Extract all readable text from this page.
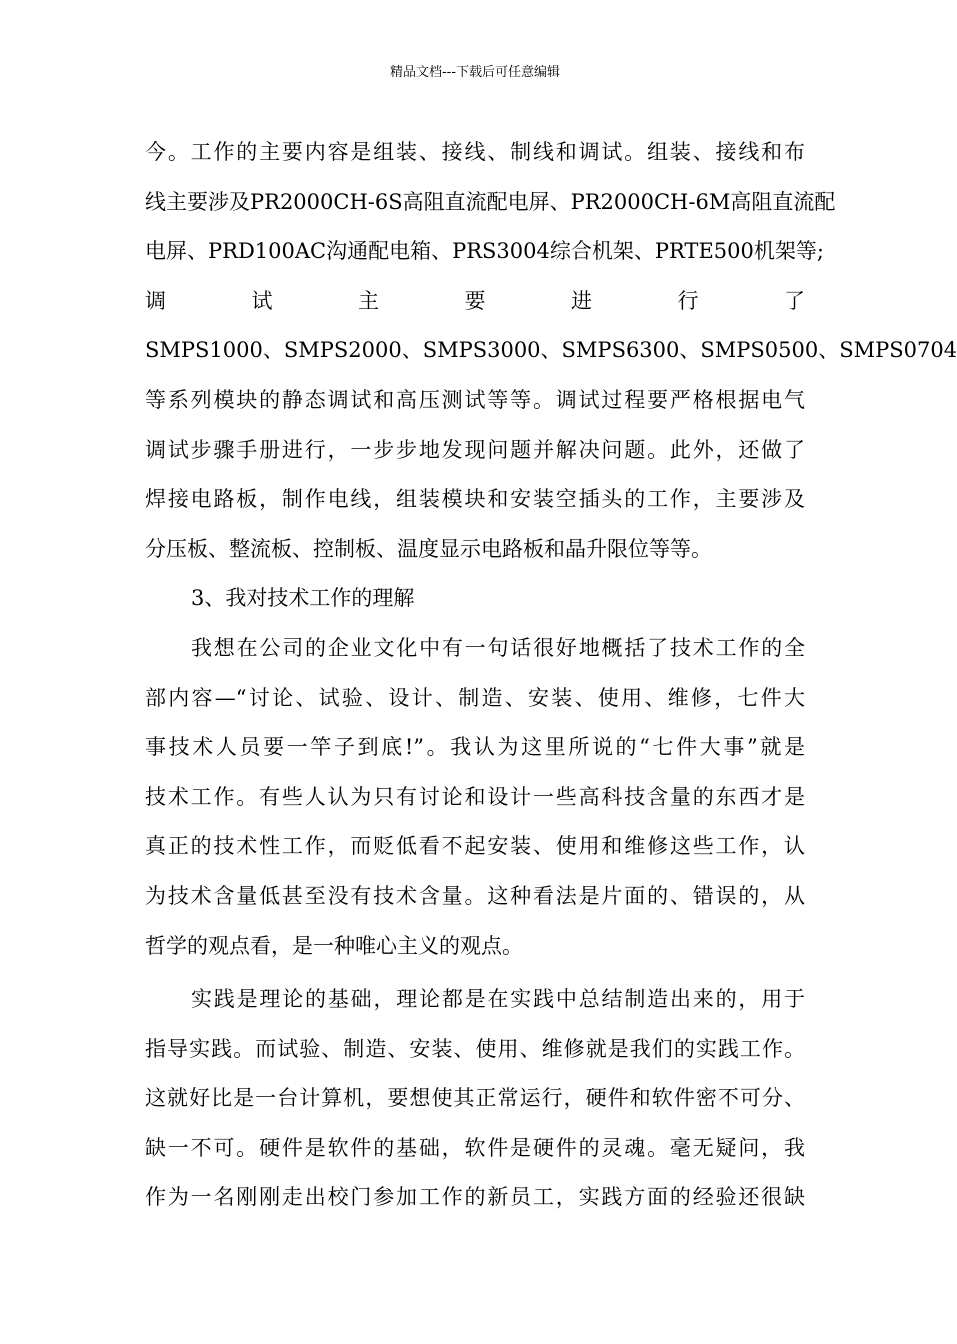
精品文档---下载后可任意编辑
今。工作的主要内容是组装、接线、制线和调试。组装、接线和布
线主要涉及PR2000CH-6S高阻直流配电屏、PR2000CH-6M高阻直流配
电屏、PRD100AC沟通配电箱、PRS3004综合机架、PRTE500机架等;
调	试	主	要	进	行	了
SMPS1000、SMPS2000、SMPS3000、SMPS6300、SMPS0500、SMPS0704
等系列模块的静态调试和高压测试等等。调试过程要严格根据电气
调试步骤手册进行，一步步地发现问题并解决问题。此外，还做了
焊接电路板，制作电线，组装模块和安装空插头的工作，主要涉及
分压板、整流板、控制板、温度显示电路板和晶升限位等等。
3、我对技术工作的理解
我想在公司的企业文化中有一句话很好地概括了技术工作的全
部内容—“讨论、试验、设计、制造、安装、使用、维修，七件大
事技术人员要一竿子到底!”。我认为这里所说的“七件大事”就是
技术工作。有些人认为只有讨论和设计一些高科技含量的东西才是
真正的技术性工作，而贬低看不起安装、使用和维修这些工作，认
为技术含量低甚至没有技术含量。这种看法是片面的、错误的，从
哲学的观点看，是一种唯心主义的观点。
实践是理论的基础，理论都是在实践中总结制造出来的，用于
指导实践。而试验、制造、安装、使用、维修就是我们的实践工作。
这就好比是一台计算机，要想使其正常运行，硬件和软件密不可分、
缺一不可。硬件是软件的基础，软件是硬件的灵魂。毫无疑问，我
作为一名刚刚走出校门参加工作的新员工，实践方面的经验还很缺
